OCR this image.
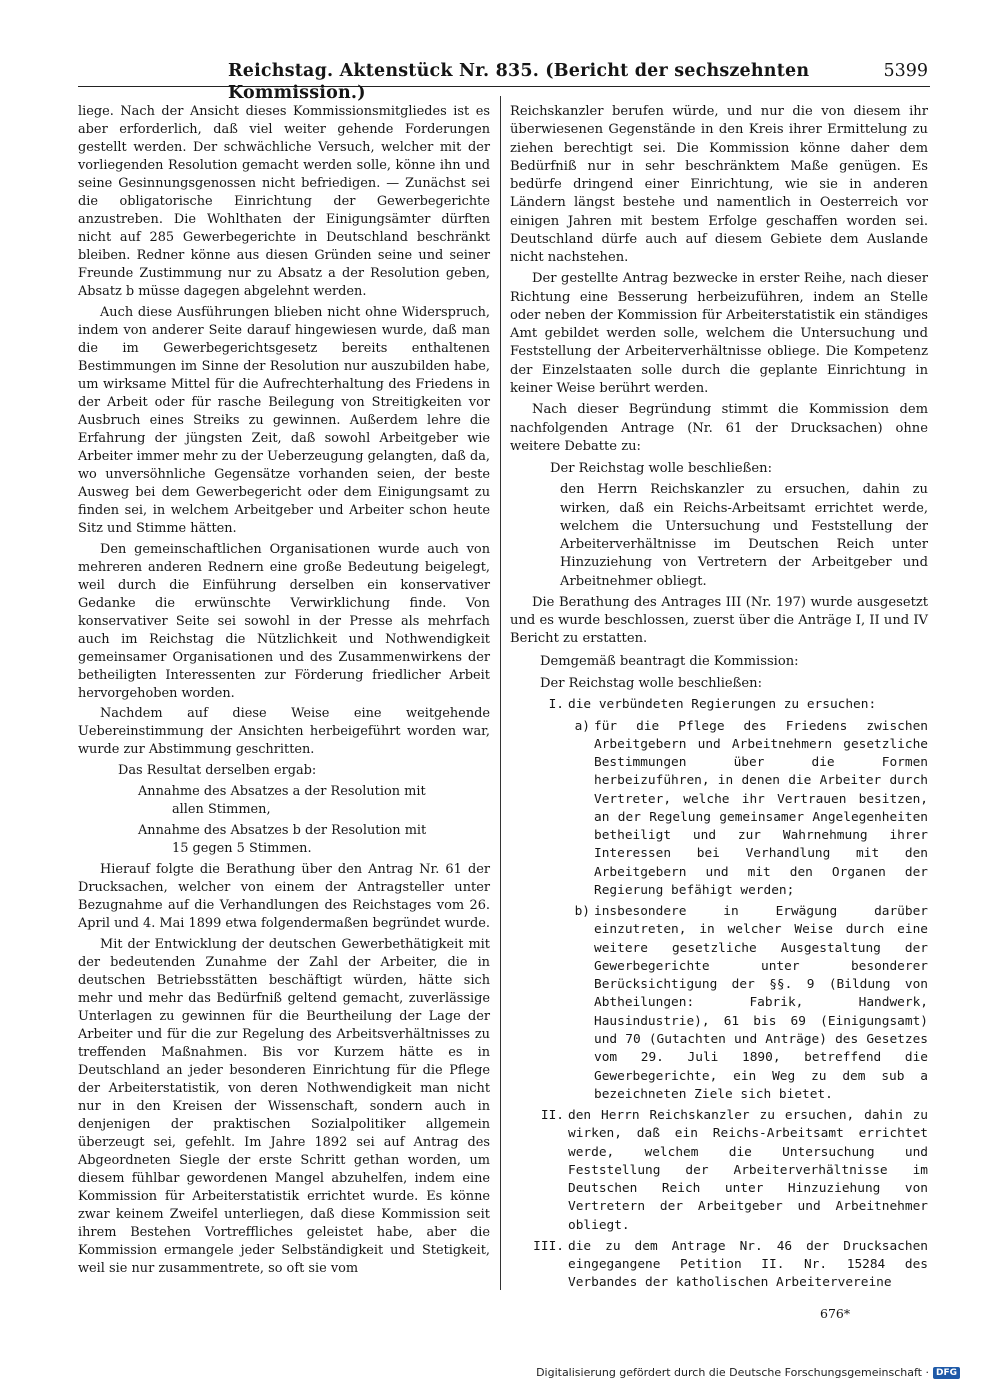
Reichstag. Aktenstück Nr. 835. (Bericht der sechszehnten Kommission.)
5399

liege. Nach der Ansicht dieses Kommissionsmitgliedes ist es aber erforderlich, daß viel weiter gehende Forderungen gestellt werden. Der schwächliche Versuch, welcher mit der vorliegenden Resolution gemacht werden solle, könne ihn und seine Gesinnungsgenossen nicht befriedigen. — Zunächst sei die obligatorische Einrichtung der Gewerbegerichte anzustreben. Die Wohlthaten der Einigungsämter dürften nicht auf 285 Gewerbegerichte in Deutschland beschränkt bleiben. Redner könne aus diesen Gründen seine und seiner Freunde Zustimmung nur zu Absatz a der Resolution geben, Absatz b müsse dagegen abgelehnt werden.

Auch diese Ausführungen blieben nicht ohne Widerspruch, indem von anderer Seite darauf hingewiesen wurde, daß man die im Gewerbegerichtsgesetz bereits enthaltenen Bestimmungen im Sinne der Resolution nur auszubilden habe, um wirksame Mittel für die Aufrechterhaltung des Friedens in der Arbeit oder für rasche Beilegung von Streitigkeiten vor Ausbruch eines Streiks zu gewinnen. Außerdem lehre die Erfahrung der jüngsten Zeit, daß sowohl Arbeitgeber wie Arbeiter immer mehr zu der Ueberzeugung gelangten, daß da, wo unversöhnliche Gegensätze vorhanden seien, der beste Ausweg bei dem Gewerbegericht oder dem Einigungsamt zu finden sei, in welchem Arbeitgeber und Arbeiter schon heute Sitz und Stimme hätten.

Den gemeinschaftlichen Organisationen wurde auch von mehreren anderen Rednern eine große Bedeutung beigelegt, weil durch die Einführung derselben ein konservativer Gedanke die erwünschte Verwirklichung finde. Von konservativer Seite sei sowohl in der Presse als mehrfach auch im Reichstag die Nützlichkeit und Nothwendigkeit gemeinsamer Organisationen und des Zusammenwirkens der betheiligten Interessenten zur Förderung friedlicher Arbeit hervorgehoben worden.

Nachdem auf diese Weise eine weitgehende Uebereinstimmung der Ansichten herbeigeführt worden war, wurde zur Abstimmung geschritten.

Das Resultat derselben ergab:

Annahme des Absatzes a der Resolution mit
allen Stimmen,

Annahme des Absatzes b der Resolution mit
15 gegen 5 Stimmen.

Hierauf folgte die Berathung über den Antrag Nr. 61 der Drucksachen, welcher von einem der Antragsteller unter Bezugnahme auf die Verhandlungen des Reichstages vom 26. April und 4. Mai 1899 etwa folgendermaßen begründet wurde.

Mit der Entwicklung der deutschen Gewerbethätigkeit mit der bedeutenden Zunahme der Zahl der Arbeiter, die in deutschen Betriebsstätten beschäftigt würden, hätte sich mehr und mehr das Bedürfniß geltend gemacht, zuverlässige Unterlagen zu gewinnen für die Beurtheilung der Lage der Arbeiter und für die zur Regelung des Arbeitsverhältnisses zu treffenden Maßnahmen. Bis vor Kurzem hätte es in Deutschland an jeder besonderen Einrichtung für die Pflege der Arbeiterstatistik, von deren Nothwendigkeit man nicht nur in den Kreisen der Wissenschaft, sondern auch in denjenigen der praktischen Sozialpolitiker allgemein überzeugt sei, gefehlt. Im Jahre 1892 sei auf Antrag des Abgeordneten Siegle der erste Schritt gethan worden, um diesem fühlbar gewordenen Mangel abzuhelfen, indem eine Kommission für Arbeiterstatistik errichtet wurde. Es könne zwar keinem Zweifel unterliegen, daß diese Kommission seit ihrem Bestehen Vortreffliches geleistet habe, aber die Kommission ermangele jeder Selbständigkeit und Stetigkeit, weil sie nur zusammentrete, so oft sie vom

Reichskanzler berufen würde, und nur die von diesem ihr überwiesenen Gegenstände in den Kreis ihrer Ermittelung zu ziehen berechtigt sei. Die Kommission könne daher dem Bedürfniß nur in sehr beschränktem Maße genügen. Es bedürfe dringend einer Einrichtung, wie sie in anderen Ländern längst bestehe und namentlich in Oesterreich vor einigen Jahren mit bestem Erfolge geschaffen worden sei. Deutschland dürfe auch auf diesem Gebiete dem Auslande nicht nachstehen.

Der gestellte Antrag bezwecke in erster Reihe, nach dieser Richtung eine Besserung herbeizuführen, indem an Stelle oder neben der Kommission für Arbeiterstatistik ein ständiges Amt gebildet werden solle, welchem die Untersuchung und Feststellung der Arbeiterverhältnisse obliege. Die Kompetenz der Einzelstaaten solle durch die geplante Einrichtung in keiner Weise berührt werden.

Nach dieser Begründung stimmt die Kommission dem nachfolgenden Antrage (Nr. 61 der Drucksachen) ohne weitere Debatte zu:

Der Reichstag wolle beschließen:

den Herrn Reichskanzler zu ersuchen, dahin zu wirken, daß ein Reichs-Arbeitsamt errichtet werde, welchem die Untersuchung und Feststellung der Arbeiterverhältnisse im Deutschen Reich unter Hinzuziehung von Vertretern der Arbeitgeber und Arbeitnehmer obliegt.

Die Berathung des Antrages III (Nr. 197) wurde ausgesetzt und es wurde beschlossen, zuerst über die Anträge I, II und IV Bericht zu erstatten.

Demgemäß beantragt die Kommission:

Der Reichstag wolle beschließen:

I. die verbündeten Regierungen zu ersuchen:
a) für die Pflege des Friedens zwischen Arbeitgebern und Arbeitnehmern gesetzliche Bestimmungen über die Formen herbeizuführen, in denen die Arbeiter durch Vertreter, welche ihr Vertrauen besitzen, an der Regelung gemeinsamer Angelegenheiten betheiligt und zur Wahrnehmung ihrer Interessen bei Verhandlung mit den Arbeitgebern und mit den Organen der Regierung befähigt werden;
b) insbesondere in Erwägung darüber einzutreten, in welcher Weise durch eine weitere gesetzliche Ausgestaltung der Gewerbegerichte unter besonderer Berücksichtigung der §§. 9 (Bildung von Abtheilungen: Fabrik, Handwerk, Hausindustrie), 61 bis 69 (Einigungsamt) und 70 (Gutachten und Anträge) des Gesetzes vom 29. Juli 1890, betreffend die Gewerbegerichte, ein Weg zu dem sub a bezeichneten Ziele sich bietet.
II. den Herrn Reichskanzler zu ersuchen, dahin zu wirken, daß ein Reichs-Arbeitsamt errichtet werde, welchem die Untersuchung und Feststellung der Arbeiterverhältnisse im Deutschen Reich unter Hinzuziehung von Vertretern der Arbeitgeber und Arbeitnehmer obliegt.
III. die zu dem Antrage Nr. 46 der Drucksachen eingegangene Petition II. Nr. 15284 des Verbandes der katholischen Arbeitervereine
676*
Digitalisierung gefördert durch die Deutsche Forschungsgemeinschaft · DFG
